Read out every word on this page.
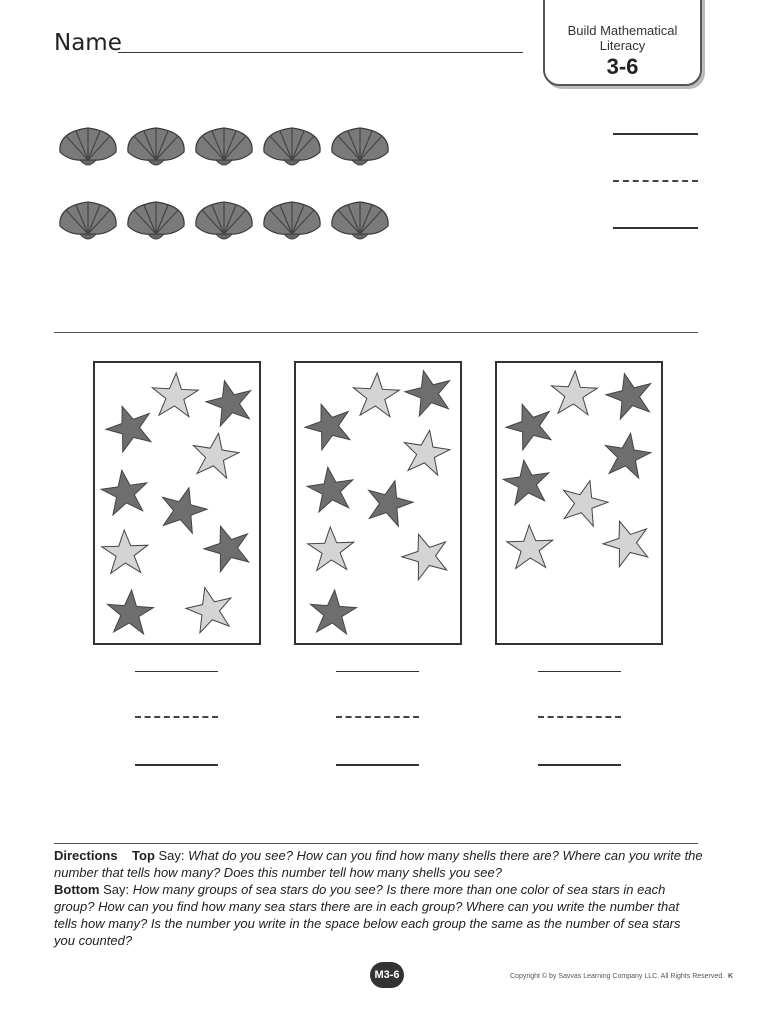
Name	Build Mathematical
Literacy
3-6
Directions Top Say: What do you see? How can you find how many shells there are? Where can you write the number that tells how many? Does this number tell how many shells you see?
Bottom Say: How many groups of sea stars do you see? Is there more than one color of sea stars in each group? How can you find how many sea stars there are in each group? Where can you write the number that tells how many? Is the number you write in the space below each group the same as the number of sea stars you counted?
M3-6	Copyright © by Savvas Learning Company LLC. All Rights Reserved. K
